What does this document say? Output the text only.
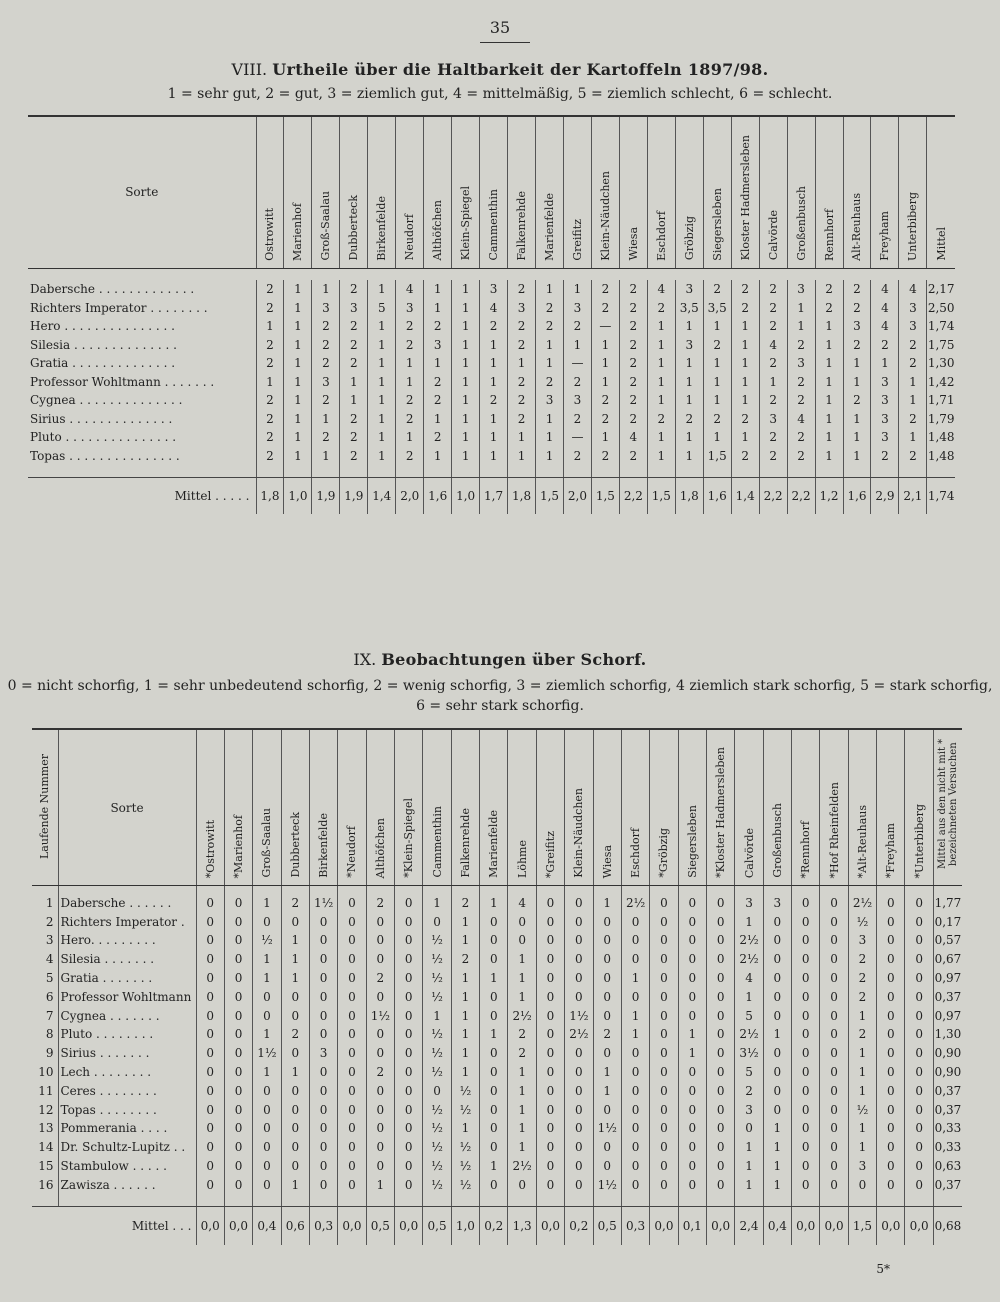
35
VIII. Urtheile über die Haltbarkeit der Kartoffeln 1897/98.
1 = sehr gut, 2 = gut, 3 = ziemlich gut, 4 = mittelmäßig, 5 = ziemlich schlecht, 6 = schlecht.
Sorte	Ostrowitt	Marienhof	Groß-Saalau	Dubberteck	Birkenfelde	Neudorf	Althöfchen	Klein-Spiegel	Cammenthin	Falkenrehde	Marienfelde	Greifitz	Klein-Näudchen	Wiesa	Eschdorf	Gröbzig	Siegersleben	Kloster Hadmersleben	Calvörde	Großenbusch	Rennhorf	Alt-Reuhaus	Freyham	Unterbiberg	Mittel

Dabersche . . . . . . . . . . . . .	2	1	1	2	1	4	1	1	3	2	1	1	2	2	4	3	2	2	2	3	2	2	4	4	2,17
Richters Imperator . . . . . . . .	2	1	3	3	5	3	1	1	4	3	2	3	2	2	2	3,5	3,5	2	2	1	2	2	4	3	2,50
Hero . . . . . . . . . . . . . . .	1	1	2	2	1	2	2	1	2	2	2	2	—	2	1	1	1	1	2	1	1	3	4	3	1,74
Silesia . . . . . . . . . . . . . .	2	1	2	2	1	2	3	1	1	2	1	1	1	2	1	3	2	1	4	2	1	2	2	2	1,75
Gratia . . . . . . . . . . . . . .	2	1	2	2	1	1	1	1	1	1	1	—	1	2	1	1	1	1	2	3	1	1	1	2	1,30
Professor Wohltmann . . . . . . .	1	1	3	1	1	1	2	1	1	2	2	2	1	2	1	1	1	1	1	2	1	1	3	1	1,42
Cygnea . . . . . . . . . . . . . .	2	1	2	1	1	2	2	1	2	2	3	3	2	2	1	1	1	1	2	2	1	2	3	1	1,71
Sirius . . . . . . . . . . . . . .	2	1	1	2	1	2	1	1	1	2	1	2	2	2	2	2	2	2	3	4	1	1	3	2	1,79
Pluto . . . . . . . . . . . . . . .	2	1	2	2	1	1	2	1	1	1	1	—	1	4	1	1	1	1	2	2	1	1	3	1	1,48
Topas . . . . . . . . . . . . . . .	2	1	1	2	1	2	1	1	1	1	1	2	2	2	1	1	1,5	2	2	2	1	1	2	2	1,48

Mittel . . . . .	1,8	1,0	1,9	1,9	1,4	2,0	1,6	1,0	1,7	1,8	1,5	2,0	1,5	2,2	1,5	1,8	1,6	1,4	2,2	2,2	1,2	1,6	2,9	2,1	1,74
IX. Beobachtungen über Schorf.
0 = nicht schorfig, 1 = sehr unbedeutend schorfig, 2 = wenig schorfig, 3 = ziemlich schorfig, 4 ziemlich stark schorfig, 5 = stark schorfig,
6 = sehr stark schorfig.
Laufende Nummer	Sorte	*Ostrowitt	*Marienhof	Groß-Saalau	Dubberteck	Birkenfelde	*Neudorf	Althöfchen	*Klein-Spiegel	Cammenthin	Falkenrehde	Marienfelde	Löhme	*Greifitz	Klein-Näudchen	Wiesa	Eschdorf	*Gröbzig	Siegersleben	*Kloster Hadmersleben	Calvörde	Großenbusch	*Rennhorf	*Hof Rheinfelden	*Alt-Reuhaus	*Freyham	*Unterbiberg	Mittel aus den nicht mit * bezeichneten Versuchen

1	Dabersche . . . . . .	0	0	1	2	1½	0	2	0	1	2	1	4	0	0	1	2½	0	0	0	3	3	0	0	2½	0	0	1,77
2	Richters Imperator .	0	0	0	0	0	0	0	0	0	1	0	0	0	0	0	0	0	0	0	1	0	0	0	½	0	0	0,17
3	Hero. . . . . . . . .	0	0	½	1	0	0	0	0	½	1	0	0	0	0	0	0	0	0	0	2½	0	0	0	3	0	0	0,57
4	Silesia . . . . . . .	0	0	1	1	0	0	0	0	½	2	0	1	0	0	0	0	0	0	0	2½	0	0	0	2	0	0	0,67
5	Gratia . . . . . . .	0	0	1	1	0	0	2	0	½	1	1	1	0	0	0	1	0	0	0	4	0	0	0	2	0	0	0,97
6	Professor Wohltmann	0	0	0	0	0	0	0	0	½	1	0	1	0	0	0	0	0	0	0	1	0	0	0	2	0	0	0,37
7	Cygnea . . . . . . .	0	0	0	0	0	0	1½	0	1	1	0	2½	0	1½	0	1	0	0	0	5	0	0	0	1	0	0	0,97
8	Pluto . . . . . . . .	0	0	1	2	0	0	0	0	½	1	1	2	0	2½	2	1	0	1	0	2½	1	0	0	2	0	0	1,30
9	Sirius . . . . . . .	0	0	1½	0	3	0	0	0	½	1	0	2	0	0	0	0	0	1	0	3½	0	0	0	1	0	0	0,90
10	Lech . . . . . . . .	0	0	1	1	0	0	2	0	½	1	0	1	0	0	1	0	0	0	0	5	0	0	0	1	0	0	0,90
11	Ceres . . . . . . . .	0	0	0	0	0	0	0	0	0	½	0	1	0	0	1	0	0	0	0	2	0	0	0	1	0	0	0,37
12	Topas . . . . . . . .	0	0	0	0	0	0	0	0	½	½	0	1	0	0	0	0	0	0	0	3	0	0	0	½	0	0	0,37
13	Pommerania . . . .	0	0	0	0	0	0	0	0	½	1	0	1	0	0	1½	0	0	0	0	0	1	0	0	1	0	0	0,33
14	Dr. Schultz-Lupitz . .	0	0	0	0	0	0	0	0	½	½	0	1	0	0	0	0	0	0	0	1	1	0	0	1	0	0	0,33
15	Stambulow . . . . .	0	0	0	0	0	0	0	0	½	½	1	2½	0	0	0	0	0	0	0	1	1	0	0	3	0	0	0,63
16	Zawisza . . . . . .	0	0	0	1	0	0	1	0	½	½	0	0	0	0	1½	0	0	0	0	1	1	0	0	0	0	0	0,37

	Mittel . . .	0,0	0,0	0,4	0,6	0,3	0,0	0,5	0,0	0,5	1,0	0,2	1,3	0,0	0,2	0,5	0,3	0,0	0,1	0,0	2,4	0,4	0,0	0,0	1,5	0,0	0,0	0,68
5*
